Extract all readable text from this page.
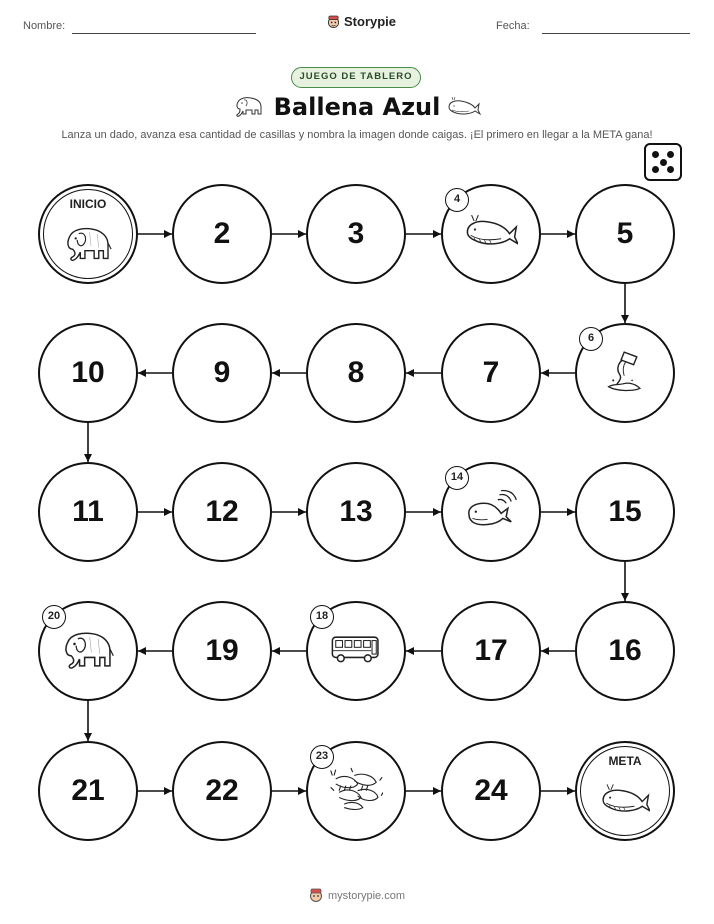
Nombre:	Storypie	Fecha:
JUEGO DE TABLERO
Ballena Azul
Lanza un dado, avanza esa cantidad de casillas y nombra la imagen donde caigas. ¡El primero en llegar a la META gana!
INICIO
2	3
4
5
6
7
8
9
10
11	12	13
14
15
16
17
18
19
20
21	22
23
24
META
mystorypie.com
